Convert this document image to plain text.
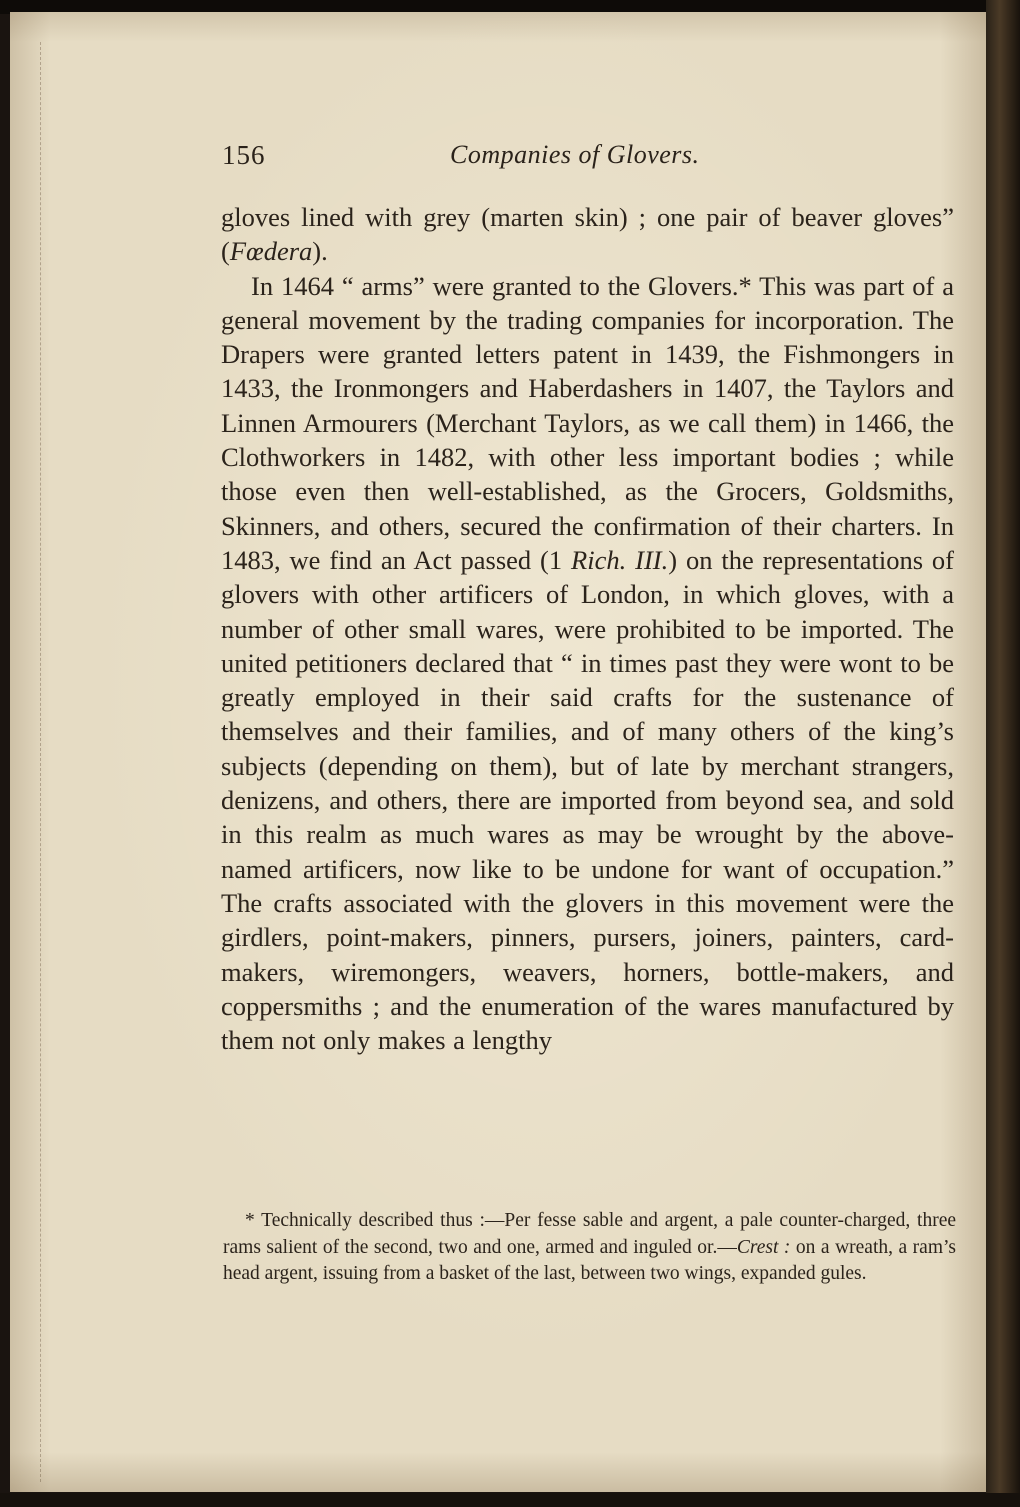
156	Companies of Glovers.

gloves lined with grey (marten skin) ; one pair of beaver gloves” (Fœdera).

In 1464 “ arms” were granted to the Glovers.* This was part of a general movement by the trading companies for incorporation. The Drapers were granted letters patent in 1439, the Fishmongers in 1433, the Ironmongers and Haberdashers in 1407, the Taylors and Linnen Armourers (Merchant Taylors, as we call them) in 1466, the Clothworkers in 1482, with other less important bodies ; while those even then well-established, as the Grocers, Goldsmiths, Skinners, and others, secured the confirmation of their charters. In 1483, we find an Act passed (1 Rich. III.) on the representations of glovers with other artificers of London, in which gloves, with a number of other small wares, were prohibited to be imported. The united petitioners declared that “ in times past they were wont to be greatly employed in their said crafts for the sustenance of themselves and their families, and of many others of the king’s subjects (depending on them), but of late by merchant strangers, denizens, and others, there are imported from beyond sea, and sold in this realm as much wares as may be wrought by the above-named artificers, now like to be undone for want of occupation.” The crafts associated with the glovers in this movement were the girdlers, point-makers, pinners, pursers, joiners, painters, card-makers, wiremongers, weavers, horners, bottle-makers, and coppersmiths ; and the enumeration of the wares manufactured by them not only makes a lengthy

* Technically described thus :—Per fesse sable and argent, a pale counter-charged, three rams salient of the second, two and one, armed and inguled or.—Crest : on a wreath, a ram’s head argent, issuing from a basket of the last, between two wings, expanded gules.
